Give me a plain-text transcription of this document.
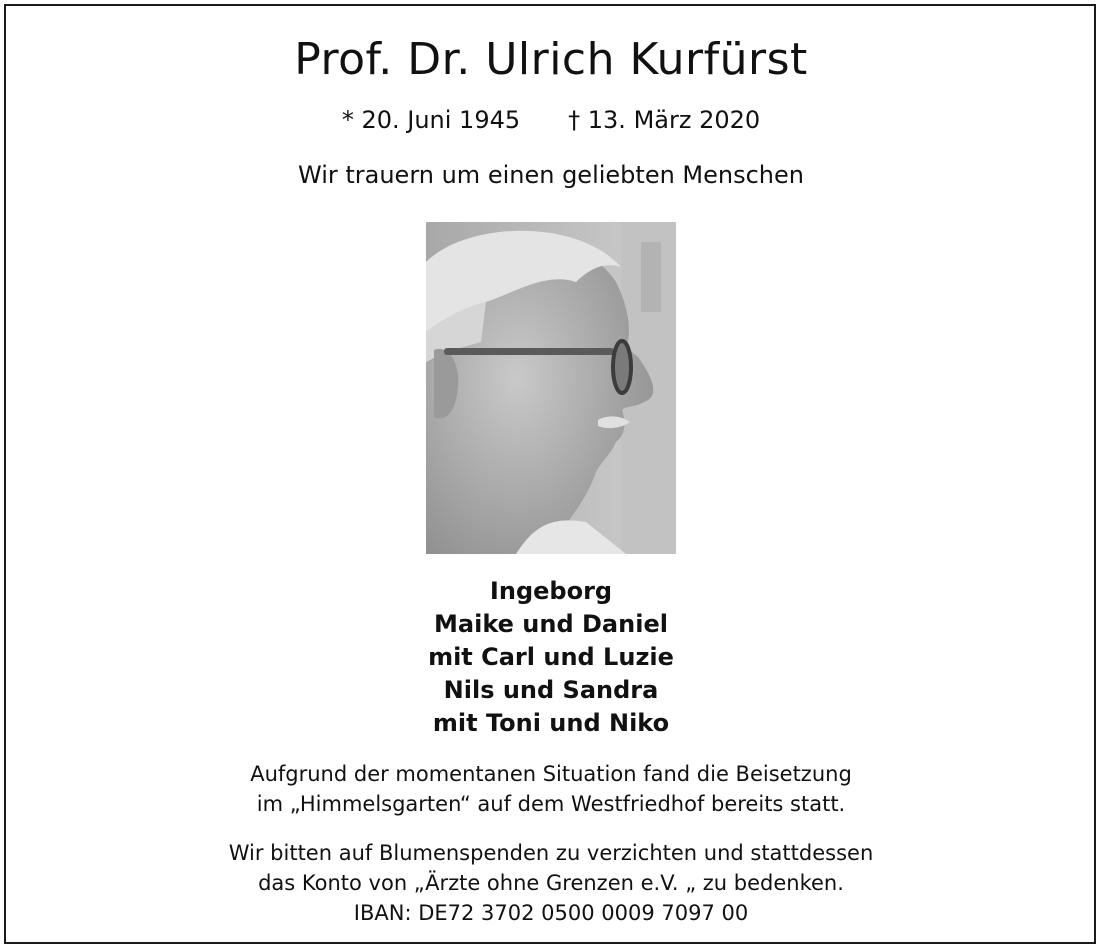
Prof. Dr. Ulrich Kurfürst
* 20. Juni 1945 † 13. März 2020
Wir trauern um einen geliebten Menschen
Ingeborg
Maike und Daniel
mit Carl und Luzie
Nils und Sandra
mit Toni und Niko
Aufgrund der momentanen Situation fand die Beisetzung
im „Himmelsgarten“ auf dem Westfriedhof bereits statt.
Wir bitten auf Blumenspenden zu verzichten und stattdessen
das Konto von „Ärzte ohne Grenzen e.V. „ zu bedenken.
IBAN: DE72 3702 0500 0009 7097 00
